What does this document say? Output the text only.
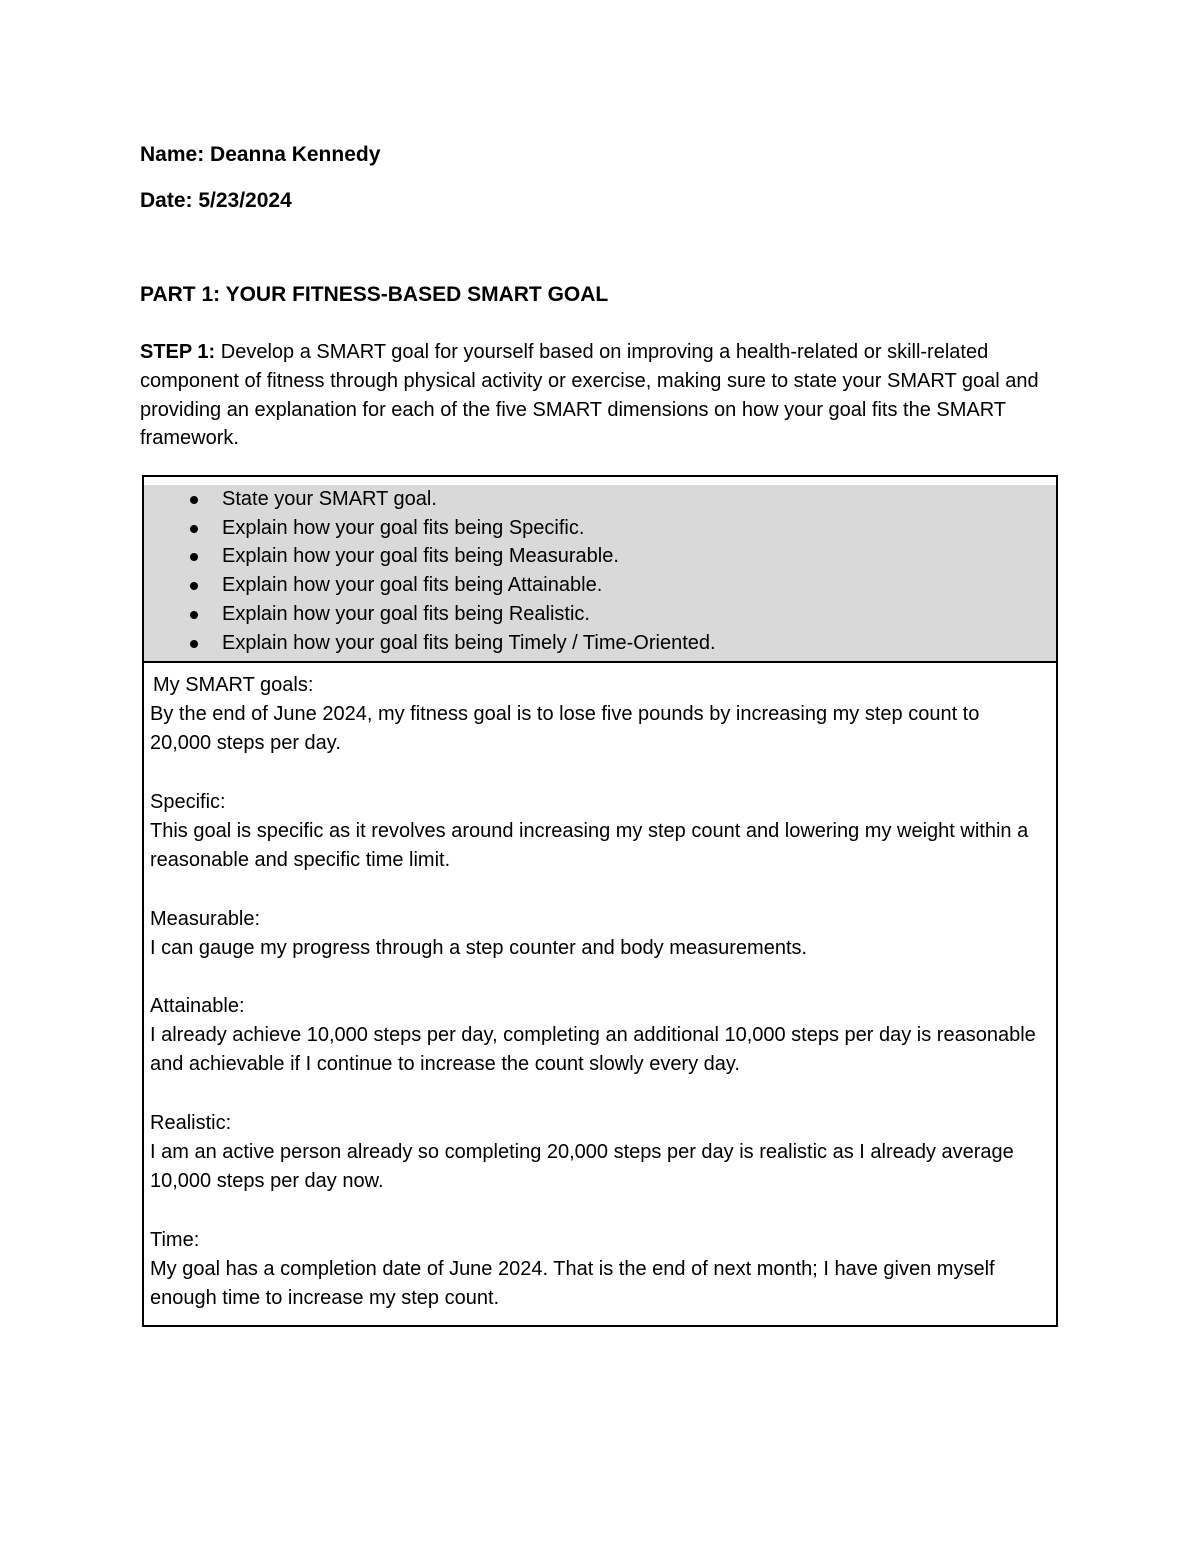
Name: Deanna Kennedy

Date: 5/23/2024

PART 1: YOUR FITNESS-BASED SMART GOAL

STEP 1: Develop a SMART goal for yourself based on improving a health-related or skill-related component of fitness through physical activity or exercise, making sure to state your SMART goal and providing an explanation for each of the five SMART dimensions on how your goal fits the SMART framework.

State your SMART goal.
Explain how your goal fits being Specific.
Explain how your goal fits being Measurable.
Explain how your goal fits being Attainable.
Explain how your goal fits being Realistic.
Explain how your goal fits being Timely / Time-Oriented.

My SMART goals:

By the end of June 2024, my fitness goal is to lose five pounds by increasing my step count to 20,000 steps per day.

Specific:

This goal is specific as it revolves around increasing my step count and lowering my weight within a reasonable and specific time limit.

Measurable:

I can gauge my progress through a step counter and body measurements.

Attainable:

I already achieve 10,000 steps per day, completing an additional 10,000 steps per day is reasonable and achievable if I continue to increase the count slowly every day.

Realistic:

I am an active person already so completing 20,000 steps per day is realistic as I already average 10,000 steps per day now.

Time:

My goal has a completion date of June 2024. That is the end of next month; I have given myself enough time to increase my step count.
